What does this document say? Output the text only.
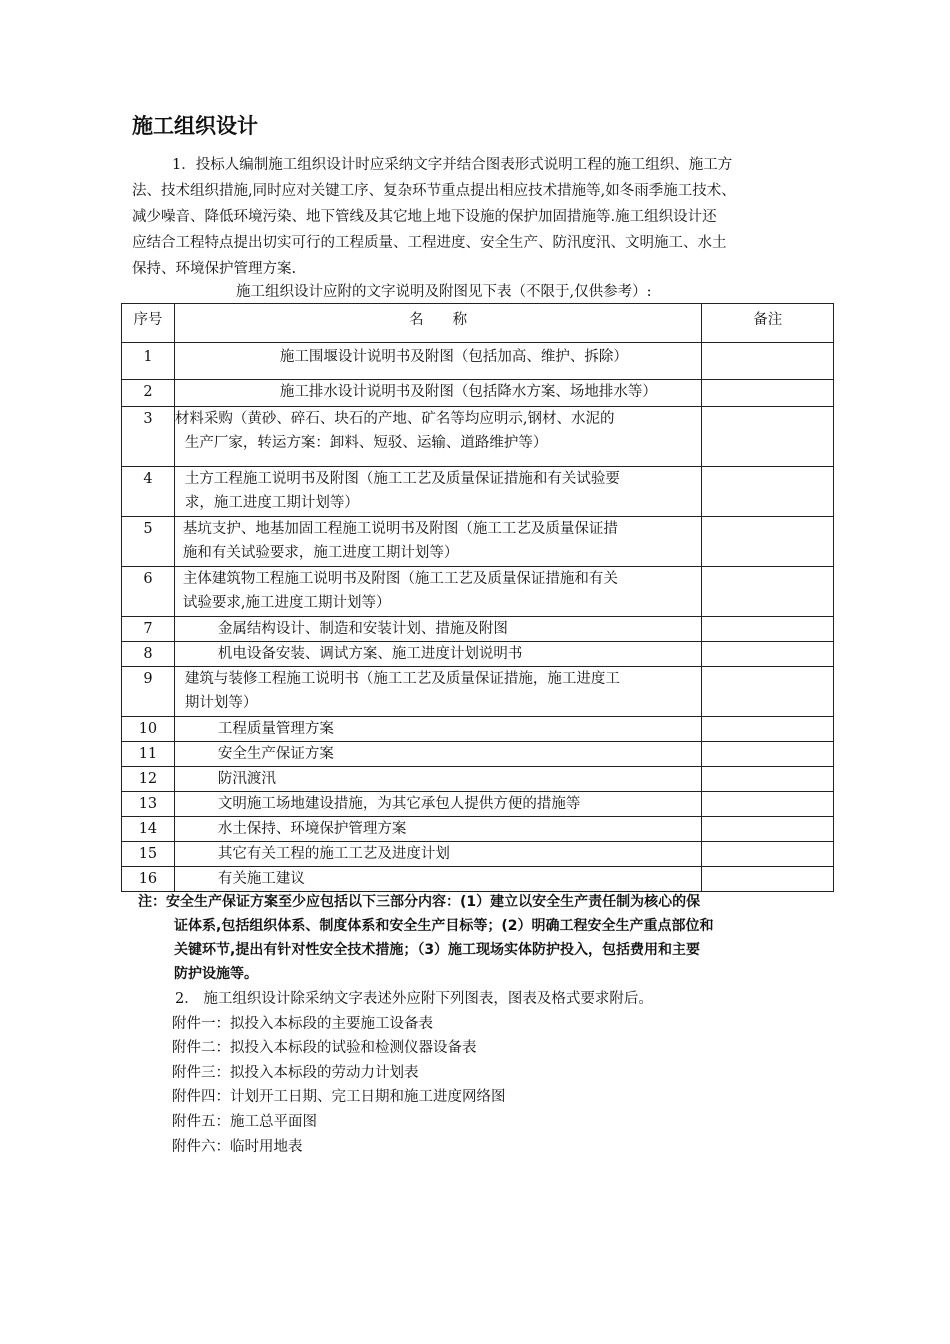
施工组织设计

1．投标人编制施工组织设计时应采纳文字并结合图表形式说明工程的施工组织、施工方

法、技术组织措施,同时应对关键工序、复杂环节重点提出相应技术措施等,如冬雨季施工技术、

减少噪音、降低环境污染、地下管线及其它地上地下设施的保护加固措施等.施工组织设计还

应结合工程特点提出切实可行的工程质量、工程进度、安全生产、防汛度汛、文明施工、水土

保持、环境保护管理方案.

施工组织设计应附的文字说明及附图见下表（不限于,仅供参考）:
序号	名　　称	备注

1	施工围堰设计说明书及附图（包括加高、维护、拆除）	

2	施工排水设计说明书及附图（包括降水方案、场地排水等）	

3	材料采购（黄砂、碎石、块石的产地、矿名等均应明示,钢材、水泥的
生产厂家，转运方案：卸料、短驳、运输、道路维护等）	

4	土方工程施工说明书及附图（施工工艺及质量保证措施和有关试验要
求，施工进度工期计划等）	

5	基坑支护、地基加固工程施工说明书及附图（施工工艺及质量保证措
施和有关试验要求，施工进度工期计划等）	

6	主体建筑物工程施工说明书及附图（施工工艺及质量保证措施和有关
试验要求,施工进度工期计划等）	

7	金属结构设计、制造和安装计划、措施及附图	

8	机电设备安装、调试方案、施工进度计划说明书	

9	建筑与装修工程施工说明书（施工工艺及质量保证措施，施工进度工
期计划等）	

10	工程质量管理方案	

11	安全生产保证方案	

12	防汛渡汛	

13	文明施工场地建设措施，为其它承包人提供方便的措施等	

14	水土保持、环境保护管理方案	

15	其它有关工程的施工工艺及进度计划	

16	有关施工建议	

注：安全生产保证方案至少应包括以下三部分内容：(1）建立以安全生产责任制为核心的保
证体系,包括组织体系、制度体系和安全生产目标等；(2）明确工程安全生产重点部位和
关键环节,提出有针对性安全技术措施；（3）施工现场实体防护投入，包括费用和主要
防护设施等。

2． 施工组织设计除采纳文字表述外应附下列图表，图表及格式要求附后。

附件一：拟投入本标段的主要施工设备表

附件二：拟投入本标段的试验和检测仪器设备表

附件三：拟投入本标段的劳动力计划表

附件四：计划开工日期、完工日期和施工进度网络图

附件五：施工总平面图

附件六：临时用地表
